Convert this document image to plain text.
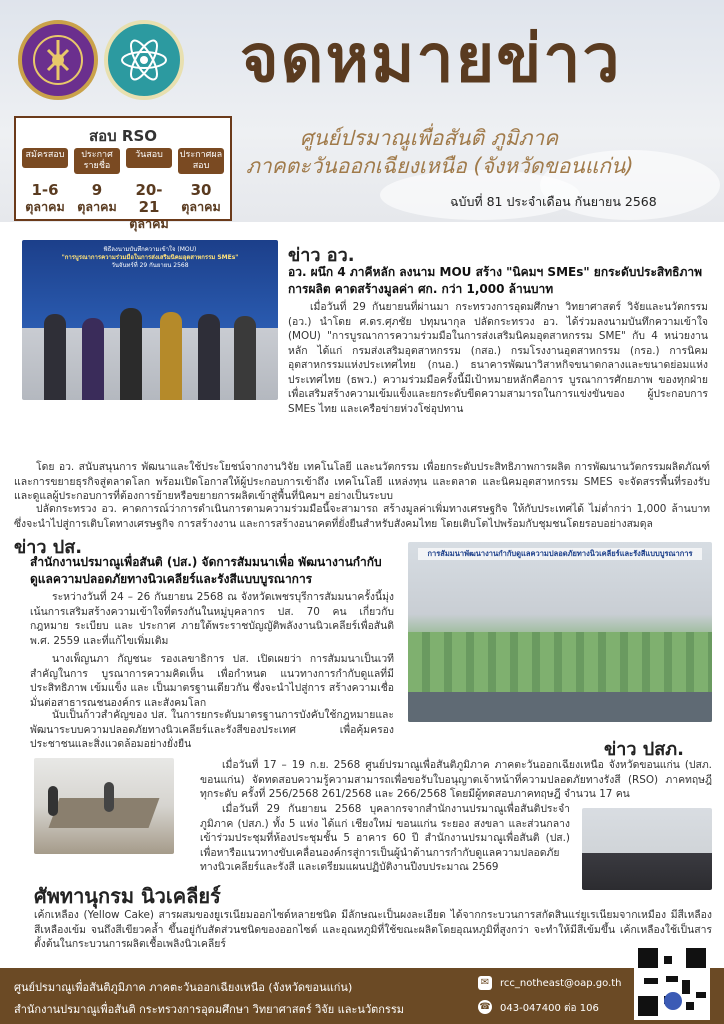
จดหมายข่าว
ศูนย์ปรมาณูเพื่อสันติ ภูมิภาค
ภาคตะวันออกเฉียงเหนือ (จังหวัดขอนแก่น)
ฉบับที่ 81 ประจำเดือน กันยายน 2568
สอบ RSO
สมัครสอบ
1-6
ตุลาคม
ประกาศรายชื่อ
9
ตุลาคม
วันสอบ
20-21
ตุลาคม
ประกาศผลสอบ
30
ตุลาคม
พิธีลงนามบันทึกความเข้าใจ (MOU)
"การบูรณาการความร่วมมือในการส่งเสริมนิคมอุตสาหกรรม SMEs"
วันจันทร์ที่ 29 กันยายน 2568	ข่าว อว.
อว. ผนึก 4 ภาคีหลัก ลงนาม MOU สร้าง "นิคมฯ SMEs" ยกระดับประสิทธิภาพการผลิต คาดสร้างมูลค่า ศก. กว่า 1,000 ล้านบาท
เมื่อวันที่ 29 กันยายนที่ผ่านมา กระทรวงการอุดมศึกษา วิทยาศาสตร์ วิจัยและนวัตกรรม (อว.) นำโดย ศ.ดร.ศุภชัย ปทุมนากุล ปลัดกระทรวง อว. ได้ร่วมลงนามบันทึกความเข้าใจ (MOU) "การบูรณาการความร่วมมือในการส่งเสริมนิคมอุตสาหกรรม SME" กับ 4 หน่วยงานหลัก ได้แก่ กรมส่งเสริมอุตสาหกรรม (กสอ.) กรมโรงงานอุตสาหกรรม (กรอ.) การนิคมอุตสาหกรรมแห่งประเทศไทย (กนอ.) ธนาคารพัฒนาวิสาหกิจขนาดกลางและขนาดย่อมแห่งประเทศไทย (ธพว.) ความร่วมมือครั้งนี้มีเป้าหมายหลักคือการ บูรณาการศักยภาพ ของทุกฝ่าย เพื่อเสริมสร้างความเข้มแข็งและยกระดับขีดความสามารถในการแข่งขันของ ผู้ประกอบการ SMEs ไทย และเครือข่ายห่วงโซ่อุปทาน
โดย อว. สนับสนุนการ พัฒนาและใช้ประโยชน์จากงานวิจัย เทคโนโลยี และนวัตกรรม เพื่อยกระดับประสิทธิภาพการผลิต การพัฒนานวัตกรรมผลิตภัณฑ์ และการขยายธุรกิจสู่ตลาดโลก พร้อมเปิดโอกาสให้ผู้ประกอบการเข้าถึง เทคโนโลยี แหล่งทุน และตลาด และนิคมอุตสาหกรรม SMES จะจัดสรรพื้นที่รองรับและดูแลผู้ประกอบการที่ต้องการย้ายหรือขยายการผลิตเข้าสู่พื้นที่นิคมฯ อย่างเป็นระบบ
ปลัดกระทรวง อว. คาดการณ์ว่าการดำเนินการตามความร่วมมือนี้จะสามารถ สร้างมูลค่าเพิ่มทางเศรษฐกิจ ให้กับประเทศได้ ไม่ต่ำกว่า 1,000 ล้านบาท ซึ่งจะนำไปสู่การเติบโตทางเศรษฐกิจ การสร้างงาน และการสร้างอนาคตที่ยั่งยืนสำหรับสังคมไทย โดยเติบโตไปพร้อมกับชุมชนโดยรอบอย่างสมดุล
ข่าว ปส.
สำนักงานปรมาณูเพื่อสันติ (ปส.) จัดการสัมมนาเพื่อ พัฒนางานกำกับดูแลความปลอดภัยทางนิวเคลียร์และรังสีแบบบูรณาการ
ระหว่างวันที่ 24 – 26 กันยายน 2568 ณ จังหวัดเพชรบุรีการสัมมนาครั้งนี้มุ่งเน้นการเสริมสร้างความเข้าใจที่ตรงกันในหมู่บุคลากร ปส. 70 คน เกี่ยวกับ กฎหมาย ระเบียบ และ ประกาศ ภายใต้พระราชบัญญัติพลังงานนิวเคลียร์เพื่อสันติ พ.ศ. 2559 และที่แก้ไขเพิ่มเติม
นางเพ็ญนภา กัญชนะ รองเลขาธิการ ปส. เปิดเผยว่า การสัมมนาเป็นเวทีสำคัญในการ บูรณาการความคิดเห็น เพื่อกำหนด แนวทางการกำกับดูแลที่มีประสิทธิภาพ เข้มแข็ง และ เป็นมาตรฐานเดียวกัน ซึ่งจะนำไปสู่การ สร้างความเชื่อมั่นต่อสาธารณชนองค์กร และสังคมโลก
นับเป็นก้าวสำคัญของ ปส. ในการยกระดับมาตรฐานการบังคับใช้กฎหมายและพัฒนาระบบความปลอดภัยทางนิวเคลียร์และรังสีของประเทศ เพื่อคุ้มครองประชาชนและสิ่งแวดล้อมอย่างยั่งยืน
การสัมมนาพัฒนางานกำกับดูแลความปลอดภัยทางนิวเคลียร์และรังสีแบบบูรณาการ
ข่าว ปสภ.
เมื่อวันที่ 17 – 19 ก.ย. 2568 ศูนย์ปรมาณูเพื่อสันติภูมิภาค ภาคตะวันออกเฉียงเหนือ จังหวัดขอนแก่น (ปสภ. ขอนแก่น) จัดทดสอบความรู้ความสามารถเพื่อขอรับใบอนุญาตเจ้าหน้าที่ความปลอดภัยทางรังสี (RSO) ภาคทฤษฎี ทุกระดับ ครั้งที่ 256/2568 261/2568 และ 266/2568 โดยมีผู้ทดสอบภาคทฤษฎี จำนวน 17 คน
เมื่อวันที่ 29 กันยายน 2568 บุคลากรจากสำนักงานปรมาณูเพื่อสันติประจำภูมิภาค (ปสภ.) ทั้ง 5 แห่ง ได้แก่ เชียงใหม่ ขอนแก่น ระยอง สงขลา และส่วนกลาง เข้าร่วมประชุมที่ห้องประชุมชั้น 5 อาคาร 60 ปี สำนักงานปรมาณูเพื่อสันติ (ปส.) เพื่อหารือแนวทางขับเคลื่อนองค์กรสู่การเป็นผู้นำด้านการกำกับดูแลความปลอดภัยทางนิวเคลียร์และรังสี และเตรียมแผนปฏิบัติงานปีงบประมาณ 2569
ศัพทานุกรม นิวเคลียร์
เค้กเหลือง (Yellow Cake) สารผสมของยูเรเนียมออกไซด์หลายชนิด มีลักษณะเป็นผงละเอียด ได้จากกระบวนการสกัดสินแร่ยูเรเนียมจากเหมือง มีสีเหลือง สีเหลืองเข้ม จนถึงสีเขียวคล้ำ ขึ้นอยู่กับสัดส่วนชนิดของออกไซด์ และอุณหภูมิที่ใช้ขณะผลิตโดยอุณหภูมิที่สูงกว่า จะทำให้มีสีเข้มขึ้น เค้กเหลืองใช้เป็นสารตั้งต้นในกระบวนการผลิตเชื้อเพลิงนิวเคลียร์
ศูนย์ปรมาณูเพื่อสันติภูมิภาค ภาคตะวันออกเฉียงเหนือ (จังหวัดขอนแก่น)
สำนักงานปรมาณูเพื่อสันติ กระทรวงการอุดมศึกษา วิทยาศาสตร์ วิจัย และนวัตกรรม
✉ rcc_notheast@oap.go.th
☎ 043-047400 ต่อ 106
